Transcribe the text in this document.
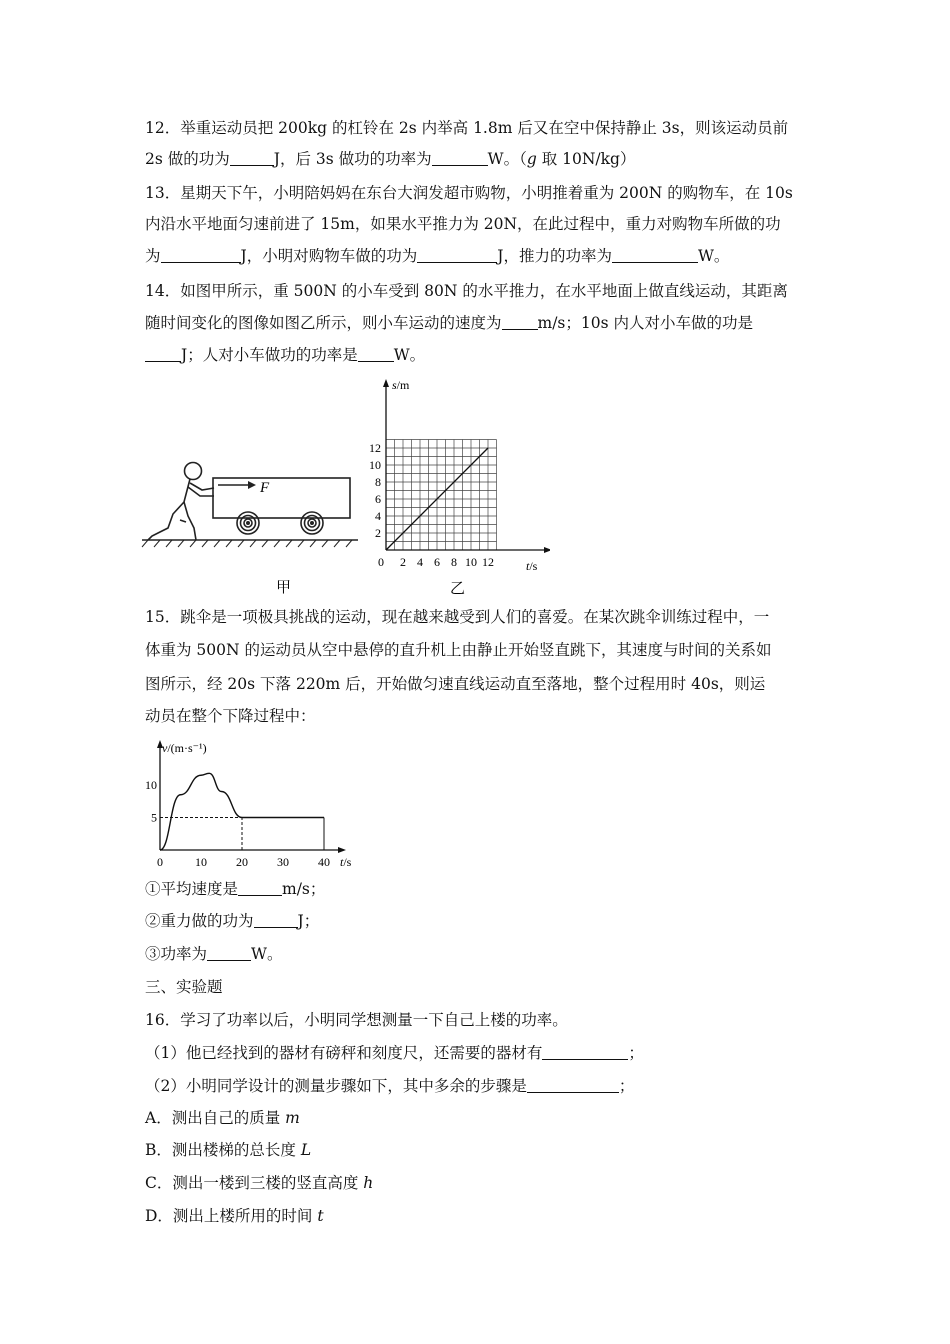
12．举重运动员把 200kg 的杠铃在 2s 内举高 1.8m 后又在空中保持静止 3s，则该运动员前
2s 做的功为	J，后 3s 做功的功率为	W。（g 取 10N/kg）
13．星期天下午，小明陪妈妈在东台大润发超市购物，小明推着重为 200N 的购物车，在 10s
内沿水平地面匀速前进了 15m，如果水平推力为 20N，在此过程中，重力对购物车所做的功
为	J，小明对购物车做的功为	J，推力的功率为	W。
14．如图甲所示，重 500N 的小车受到 80N 的水平推力，在水平地面上做直线运动，其距离
随时间变化的图像如图乙所示，则小车运动的速度为 m/s；10s 内人对小车做的功是
J；人对小车做功的功率是 W。
F
甲
0 2 4 6 8 10 12
2
4
6
8
10
12
t/s
s/m
乙
15．跳伞是一项极具挑战的运动，现在越来越受到人们的喜爱。在某次跳伞训练过程中，一
体重为 500N 的运动员从空中悬停的直升机上由静止开始竖直跳下，其速度与时间的关系如
图所示，经 20s 下落 220m 后，开始做匀速直线运动直至落地，整个过程用时 40s，则运
动员在整个下降过程中：
0	10 20 30 40
5
10
t/s
v/(m·s⁻¹)
①平均速度是	m/s；
②重力做的功为	J；
③功率为	W。
三、实验题
16．学习了功率以后，小明同学想测量一下自己上楼的功率。
（1）他已经找到的器材有磅秤和刻度尺，还需要的器材有	；
（2）小明同学设计的测量步骤如下，其中多余的步骤是	；
A．测出自己的质量 m
B．测出楼梯的总长度 L
C．测出一楼到三楼的竖直高度 h
D．测出上楼所用的时间 t
